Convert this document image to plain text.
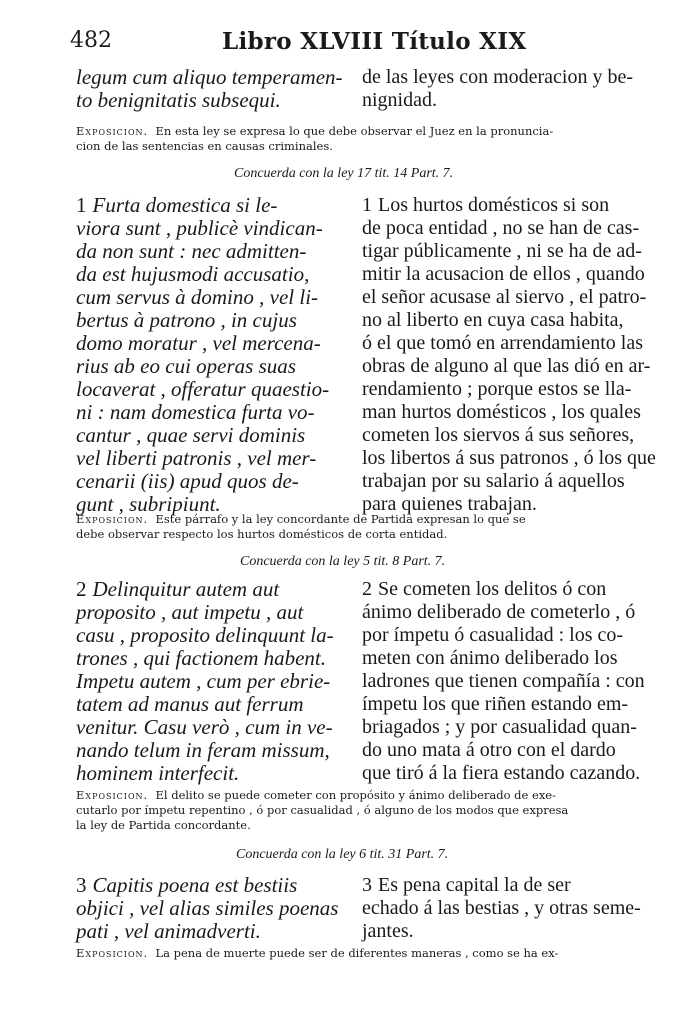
482	Libro XLVIII Título XIX
legum cum aliquo temperamen-
to benignitatis subsequi.
de las leyes con moderacion y be-
nignidad.
Exposicion. En esta ley se expresa lo que debe observar el Juez en la pronuncia-
cion de las sentencias en causas criminales.
Concuerda con la ley 17 tit. 14 Part. 7.
1 Furta domestica si le-
viora sunt , publicè vindican-
da non sunt : nec admitten-
da est hujusmodi accusatio,
cum servus à domino , vel li-
bertus à patrono , in cujus
domo moratur , vel mercena-
rius ab eo cui operas suas
locaverat , offeratur quaestio-
ni : nam domestica furta vo-
cantur , quae servi dominis
vel liberti patronis , vel mer-
cenarii (iis) apud quos de-
gunt , subripiunt.
1 Los hurtos domésticos si son
de poca entidad , no se han de cas-
tigar públicamente , ni se ha de ad-
mitir la acusacion de ellos , quando
el señor acusase al siervo , el patro-
no al liberto en cuya casa habita,
ó el que tomó en arrendamiento las
obras de alguno al que las dió en ar-
rendamiento ; porque estos se lla-
man hurtos domésticos , los quales
cometen los siervos á sus señores,
los libertos á sus patronos , ó los que
trabajan por su salario á aquellos
para quienes trabajan.
Exposicion. Este párrafo y la ley concordante de Partida expresan lo que se
debe observar respecto los hurtos domésticos de corta entidad.
Concuerda con la ley 5 tit. 8 Part. 7.
2 Delinquitur autem aut
proposito , aut impetu , aut
casu , proposito delinquunt la-
trones , qui factionem habent.
Impetu autem , cum per ebrie-
tatem ad manus aut ferrum
venitur. Casu verò , cum in ve-
nando telum in feram missum,
hominem interfecit.
2 Se cometen los delitos ó con
ánimo deliberado de cometerlo , ó
por ímpetu ó casualidad : los co-
meten con ánimo deliberado los
ladrones que tienen compañía : con
ímpetu los que riñen estando em-
briagados ; y por casualidad quan-
do uno mata á otro con el dardo
que tiró á la fiera estando cazando.
Exposicion. El delito se puede cometer con propósito y ánimo deliberado de exe-
cutarlo por ímpetu repentino , ó por casualidad , ó alguno de los modos que expresa
la ley de Partida concordante.
Concuerda con la ley 6 tit. 31 Part. 7.
3 Capitis poena est bestiis
objici , vel alias similes poenas
pati , vel animadverti.
3 Es pena capital la de ser
echado á las bestias , y otras seme-
jantes.
Exposicion. La pena de muerte puede ser de diferentes maneras , como se ha ex-
